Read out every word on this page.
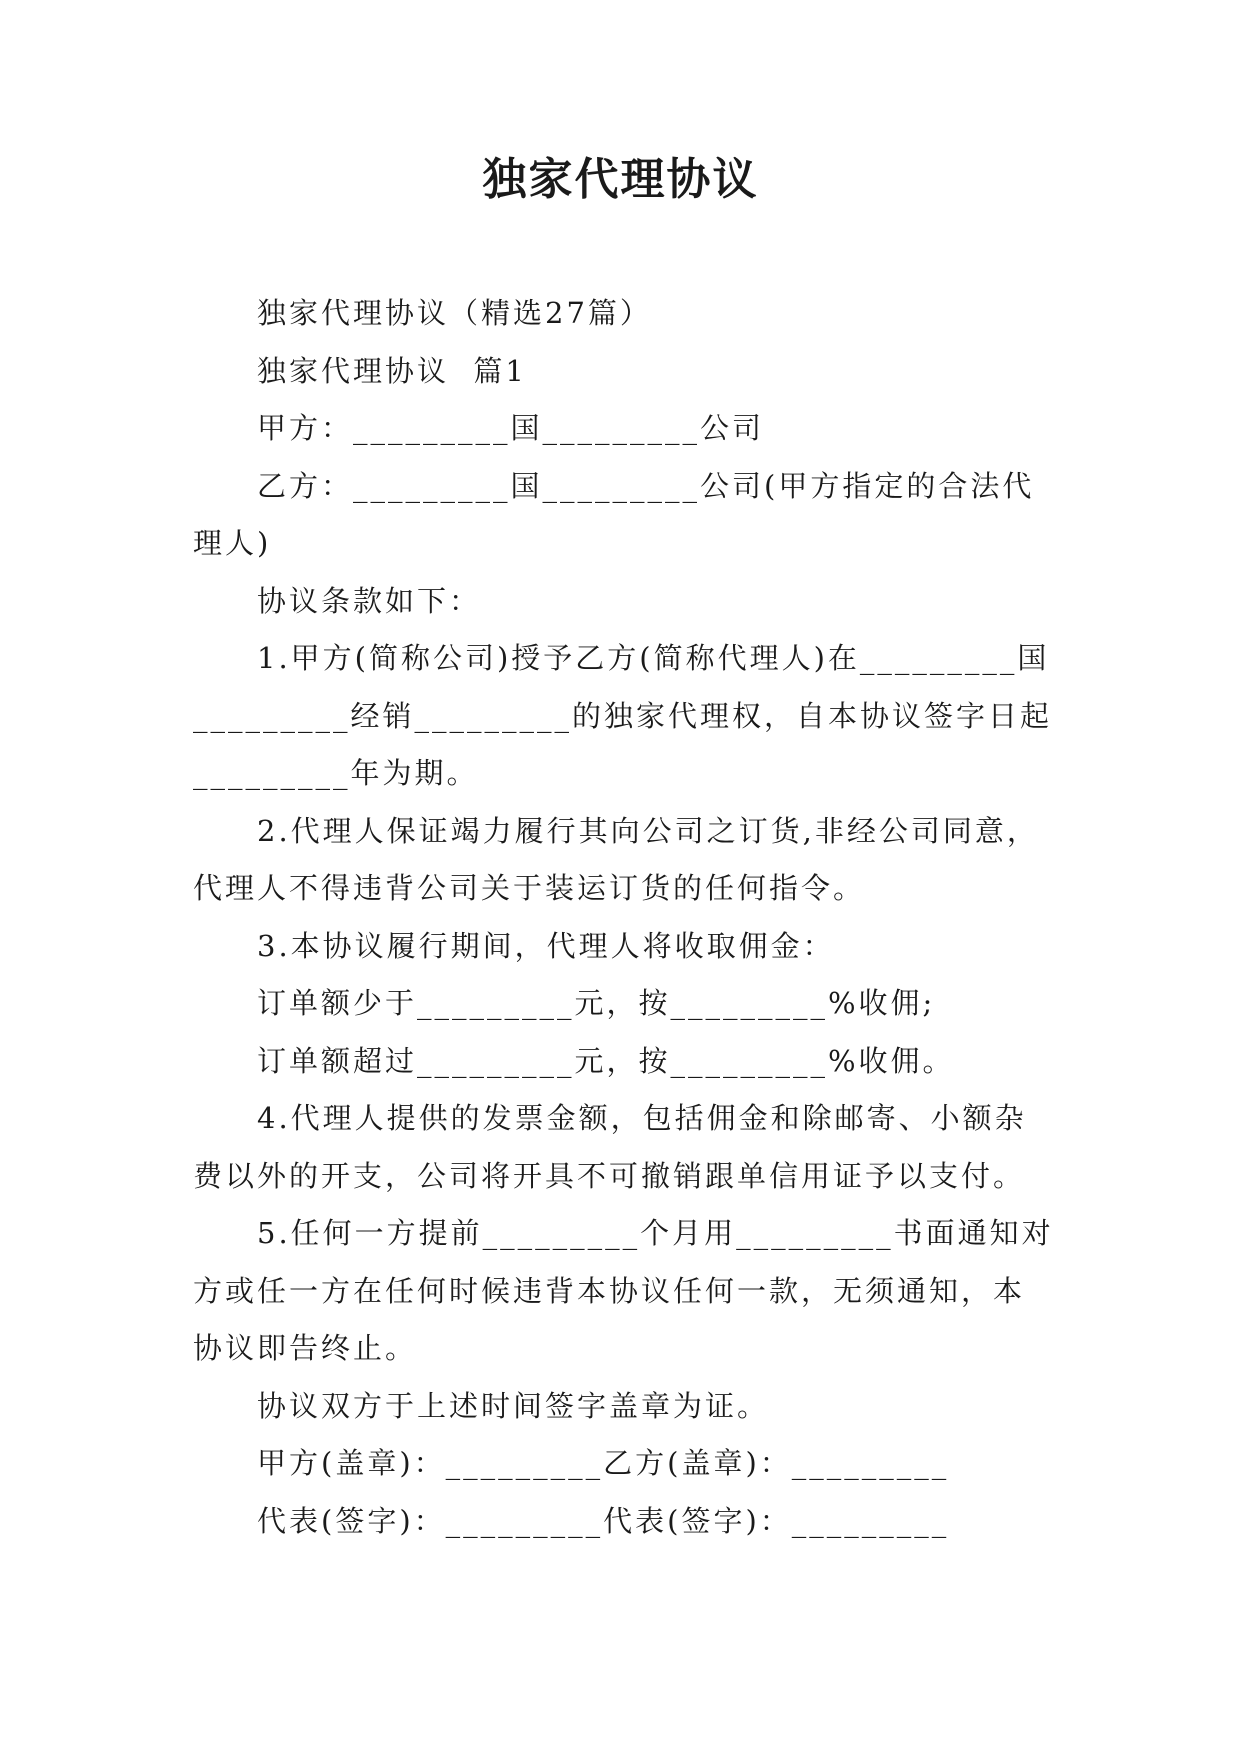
独家代理协议

独家代理协议（精选27篇）

独家代理协议  篇1

甲方：_________国_________公司

乙方：_________国_________公司(甲方指定的合法代理人)

协议条款如下：

1.甲方(简称公司)授予乙方(简称代理人)在_________国_________经销_________的独家代理权，自本协议签字日起_________年为期。

2.代理人保证竭力履行其向公司之订货,非经公司同意，代理人不得违背公司关于装运订货的任何指令。

3.本协议履行期间，代理人将收取佣金：

订单额少于_________元，按_________%收佣;

订单额超过_________元，按_________%收佣。

4.代理人提供的发票金额，包括佣金和除邮寄、小额杂费以外的开支，公司将开具不可撤销跟单信用证予以支付。

5.任何一方提前_________个月用_________书面通知对方或任一方在任何时候违背本协议任何一款，无须通知，本协议即告终止。

协议双方于上述时间签字盖章为证。

甲方(盖章)：_________乙方(盖章)：_________

代表(签字)：_________代表(签字)：_________
